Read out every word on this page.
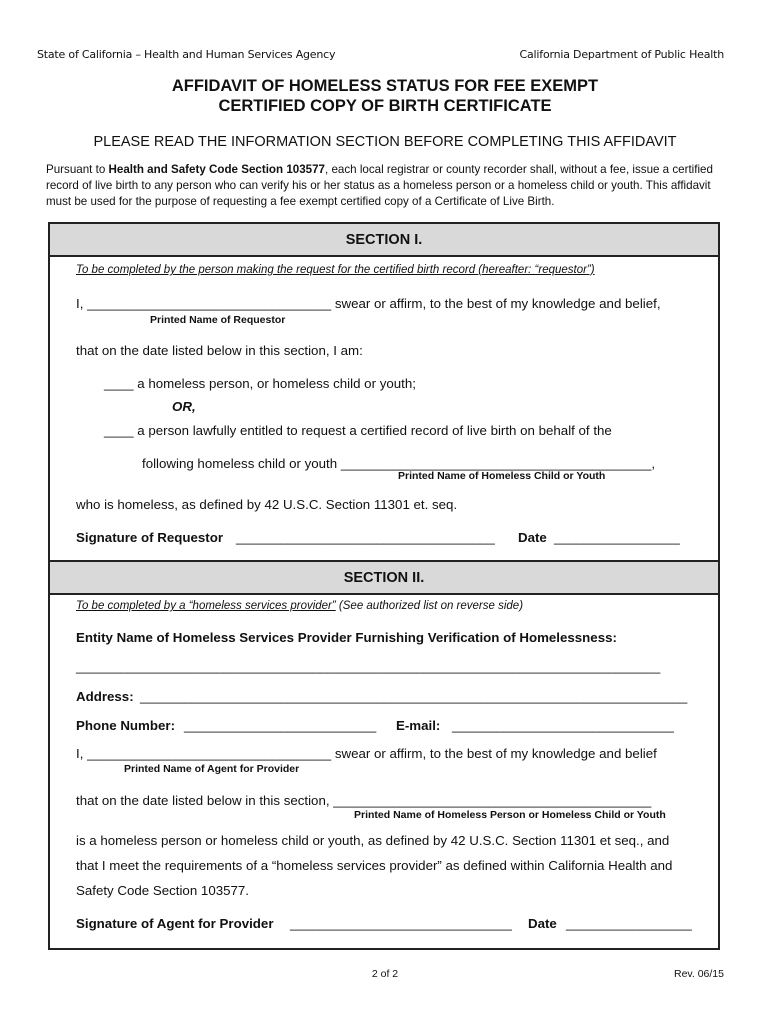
State of California – Health and Human Services Agency	California Department of Public Health
AFFIDAVIT OF HOMELESS STATUS FOR FEE EXEMPT
CERTIFIED COPY OF BIRTH CERTIFICATE
PLEASE READ THE INFORMATION SECTION BEFORE COMPLETING THIS AFFIDAVIT
Pursuant to Health and Safety Code Section 103577, each local registrar or county recorder shall, without a fee, issue a certified record of live birth to any person who can verify his or her status as a homeless person or a homeless child or youth. This affidavit must be used for the purpose of requesting a fee exempt certified copy of a Certificate of Live Birth.
SECTION I.
To be completed by the person making the request for the certified birth record (hereafter: “requestor”)
I, _________________________________ swear or affirm, to the best of my knowledge and belief,
Printed Name of Requestor
that on the date listed below in this section, I am:
____ a homeless person, or homeless child or youth;
OR,
____ a person lawfully entitled to request a certified record of live birth on behalf of the
following homeless child or youth __________________________________________,
Printed Name of Homeless Child or Youth
who is homeless, as defined by 42 U.S.C. Section 11301 et. seq.
Signature of Requestor ___________________________________ Date _________________
SECTION II.
To be completed by a “homeless services provider” (See authorized list on reverse side)
Entity Name of Homeless Services Provider Furnishing Verification of Homelessness:
_______________________________________________________________________________
Address: __________________________________________________________________________
Phone Number: __________________________ E-mail: ______________________________
I, _________________________________ swear or affirm, to the best of my knowledge and belief
Printed Name of Agent for Provider
that on the date listed below in this section, ___________________________________________
Printed Name of Homeless Person or Homeless Child or Youth
is a homeless person or homeless child or youth, as defined by 42 U.S.C. Section 11301 et seq., and
that I meet the requirements of a “homeless services provider” as defined within California Health and
Safety Code Section 103577.
Signature of Agent for Provider ______________________________ Date _________________
2 of 2	Rev. 06/15
